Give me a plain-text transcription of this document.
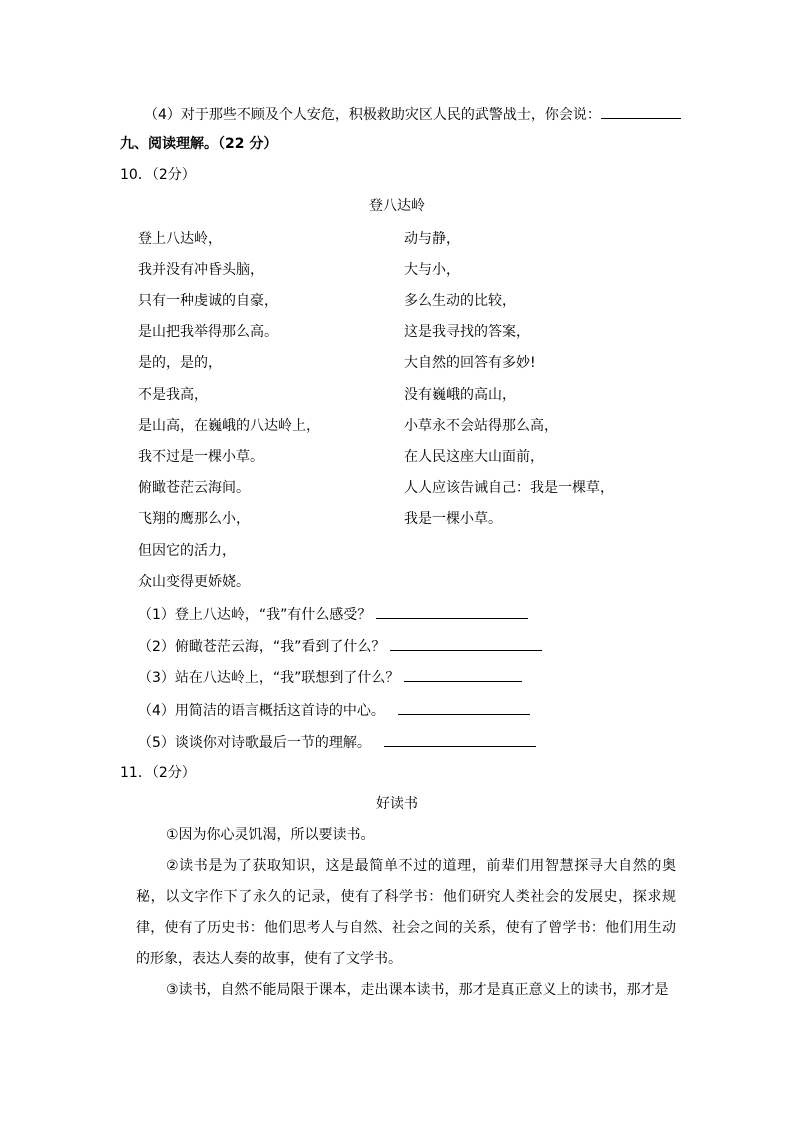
（4）对于那些不顾及个人安危，积极救助灾区人民的武警战士，你会说：
九、阅读理解。（22 分）
10．（2分）
登八达岭
登上八达岭，
我并没有冲昏头脑，
只有一种虔诚的自豪，
是山把我举得那么高。
是的，是的，
不是我高，
是山高，在巍峨的八达岭上，
我不过是一棵小草。
俯瞰苍茫云海间。
飞翔的鹰那么小，
但因它的活力，
众山变得更娇娆。
动与静，
大与小，
多么生动的比较，
这是我寻找的答案，
大自然的回答有多妙!
没有巍峨的高山，
小草永不会站得那么高，
在人民这座大山面前，
人人应该告诫自己：我是一棵草，
我是一棵小草。
（1）登上八达岭，“我”有什么感受？
（2）俯瞰苍茫云海，“我”看到了什么？
（3）站在八达岭上，“我”联想到了什么？
（4）用简洁的语言概括这首诗的中心。
（5）谈谈你对诗歌最后一节的理解。
11．（2分）
好读书
①因为你心灵饥渴，所以要读书。
②读书是为了获取知识，这是最简单不过的道理，前辈们用智慧探寻大自然的奥秘，以文字作下了永久的记录，使有了科学书：他们研究人类社会的发展史，探求规律，使有了历史书：他们思考人与自然、社会之间的关系，使有了曾学书：他们用生动的形象，表达人奏的故事，使有了文学书。
③读书，自然不能局限于课本，走出课本读书，那才是真正意义上的读书，那才是
